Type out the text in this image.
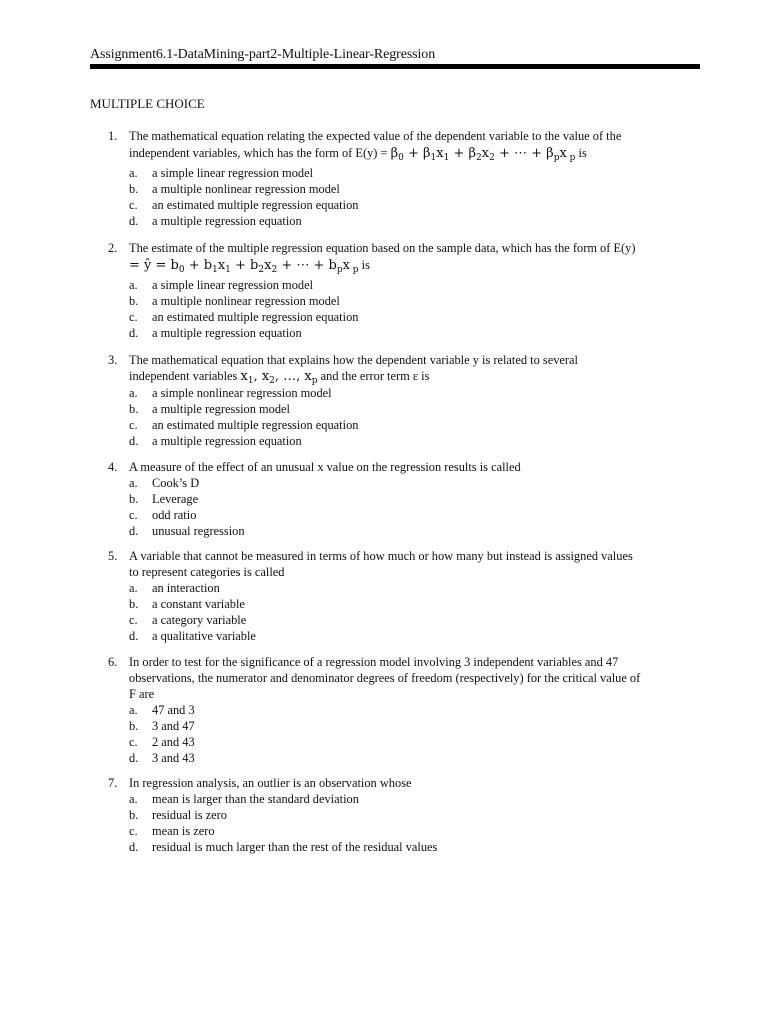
Assignment6.1-DataMining-part2-Multiple-Linear-Regression
MULTIPLE CHOICE
1. The mathematical equation relating the expected value of the dependent variable to the value of the
independent variables, which has the form of $E(y) = \beta_0 + \beta_1x_1 + \beta_2x_2$ + ⋯ + $\beta_px$ $_p$ is
a.	a simple linear regression model
b.	a multiple nonlinear regression model
c.	an estimated multiple regression equation
d.	a multiple regression equation
2. The estimate of the multiple regression equation based on the sample data, which has the form of E(y)
= ŷ = $b_0 + b_1x_1 + b_2x_2$ + ⋯ + $b_px$ $_p$ is
a.	a simple linear regression model
b.	a multiple nonlinear regression model
c.	an estimated multiple regression equation
d.	a multiple regression equation
3. The mathematical equation that explains how the dependent variable y is related to several
independent variables $x_1$, $x_2$, …, $x_p$ and the error term ε is
a.	a simple nonlinear regression model
b.	a multiple regression model
c.	an estimated multiple regression equation
d.	a multiple regression equation
4. A measure of the effect of an unusual x value on the regression results is called
a.	Cook’s D
b.	Leverage
c.	odd ratio
d.	unusual regression
5. A variable that cannot be measured in terms of how much or how many but instead is assigned values
to represent categories is called
a.	an interaction
b.	a constant variable
c.	a category variable
d.	a qualitative variable
6. In order to test for the significance of a regression model involving 3 independent variables and 47
observations, the numerator and denominator degrees of freedom (respectively) for the critical value of
F are
a.	47 and 3
b.	3 and 47
c.	2 and 43
d.	3 and 43
7. In regression analysis, an outlier is an observation whose
a.	mean is larger than the standard deviation
b.	residual is zero
c.	mean is zero
d.	residual is much larger than the rest of the residual values
